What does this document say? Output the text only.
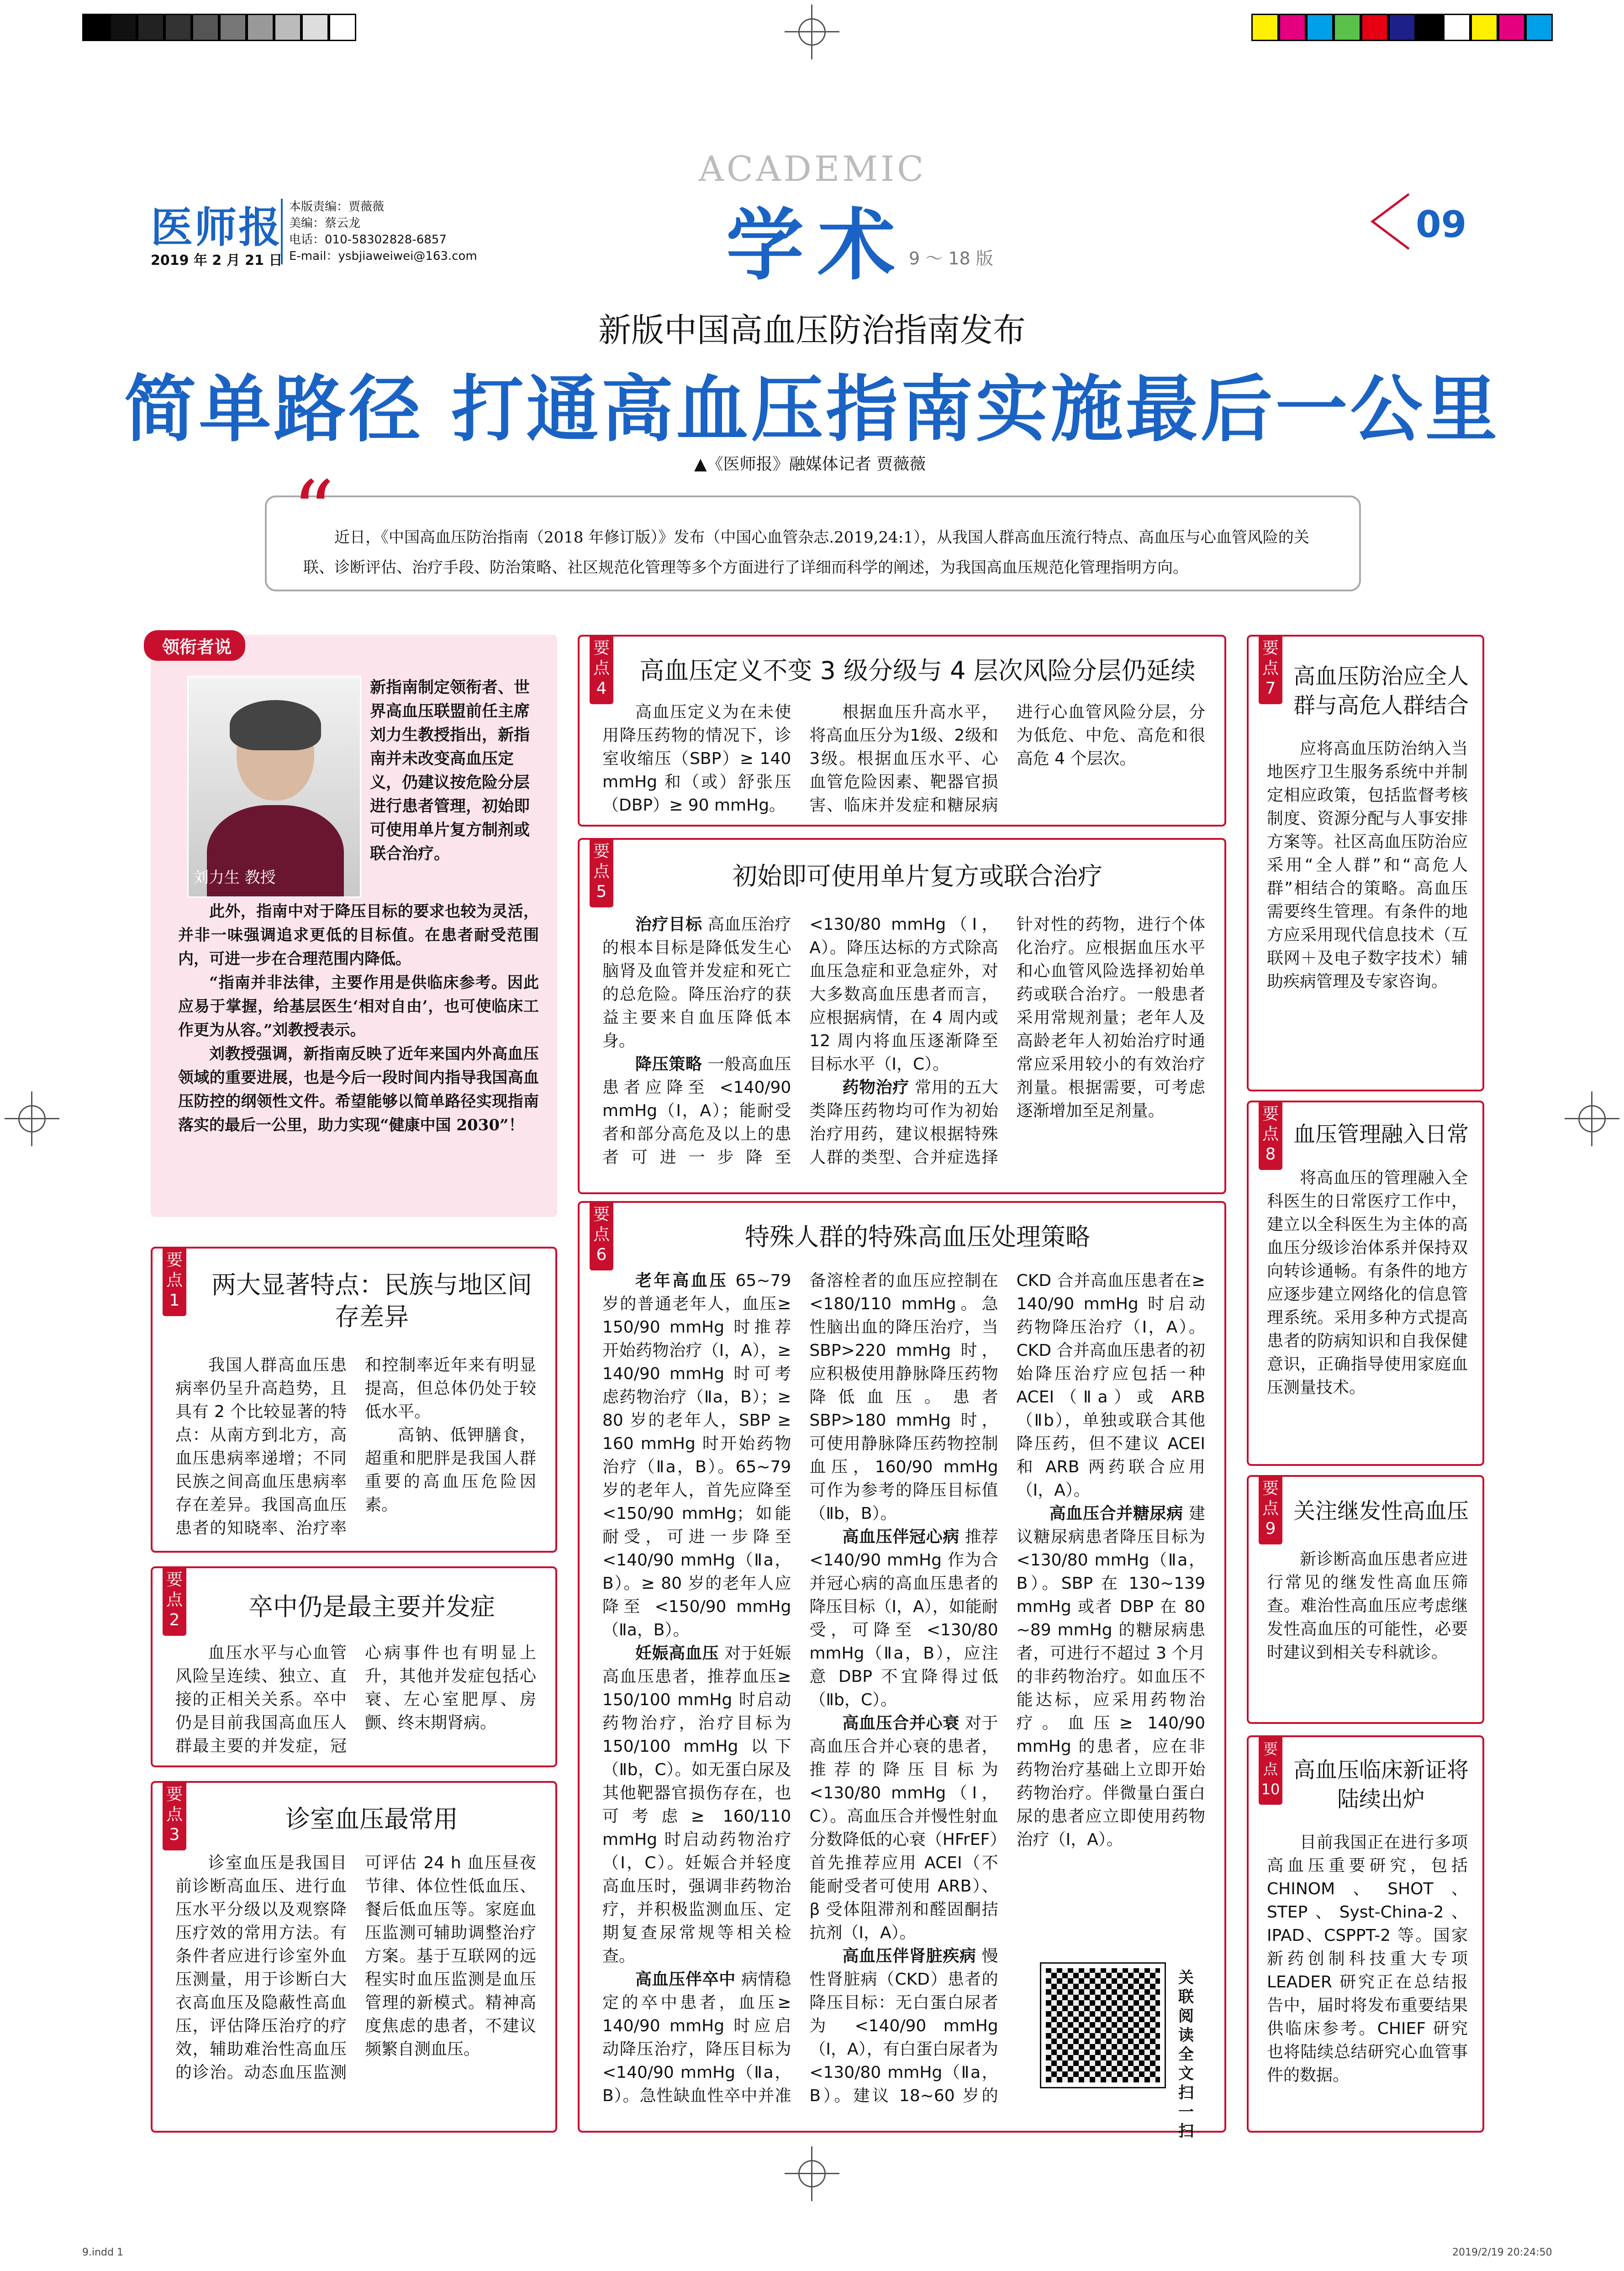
医师报
2019 年 2 月 21 日
本版责编：贾薇薇
美编：蔡云龙
电话：010-58302828-6857
E-mail：ysbjiaweiwei@163.com
ACADEMIC
学术 9 ～ 18 版
09
新版中国高血压防治指南发布
简单路径 打通高血压指南实施最后一公里
▲《医师报》融媒体记者 贾薇薇
近日，《中国高血压防治指南（2018 年修订版）》发布（中国心血管杂志.2019,24:1），从我国人群高血压流行特点、高血压与心血管风险的关联、诊断评估、治疗手段、防治策略、社区规范化管理等多个方面进行了详细而科学的阐述，为我国高血压规范化管理指明方向。
“
领衔者说
刘力生 教授
新指南制定领衔者、世界高血压联盟前任主席刘力生教授指出，新指南并未改变高血压定义，仍建议按危险分层进行患者管理，初始即可使用单片复方制剂或联合治疗。

此外，指南中对于降压目标的要求也较为灵活，并非一味强调追求更低的目标值。在患者耐受范围内，可进一步在合理范围内降低。

“指南并非法律，主要作用是供临床参考。因此应易于掌握，给基层医生‘相对自由’，也可使临床工作更为从容。”刘教授表示。

刘教授强调，新指南反映了近年来国内外高血压领域的重要进展，也是今后一段时间内指导我国高血压防控的纲领性文件。希望能够以简单路径实现指南落实的最后一公里，助力实现“健康中国 2030”！

要点1
两大显著特点：民族与地区间存差异

我国人群高血压患病率仍呈升高趋势，且具有 2 个比较显著的特点：从南方到北方，高血压患病率递增；不同民族之间高血压患病率存在差异。我国高血压患者的知晓率、治疗率和控制率近年来有明显提高，但总体仍处于较低水平。

高钠、低钾膳食，超重和肥胖是我国人群重要的高血压危险因素。

要点2	卒中仍是最主要并发症

血压水平与心血管风险呈连续、独立、直接的正相关关系。卒中仍是目前我国高血压人群最主要的并发症，冠心病事件也有明显上升，其他并发症包括心衰、左心室肥厚、房颤、终末期肾病。

要点3
诊室血压最常用

诊室血压是我国目前诊断高血压、进行血压水平分级以及观察降压疗效的常用方法。有条件者应进行诊室外血压测量，用于诊断白大衣高血压及隐蔽性高血压，评估降压治疗的疗效，辅助难治性高血压的诊治。动态血压监测可评估 24 h 血压昼夜节律、体位性低血压、餐后低血压等。家庭血压监测可辅助调整治疗方案。基于互联网的远程实时血压监测是血压管理的新模式。精神高度焦虑的患者，不建议频繁自测血压。

要点4
高血压定义不变 3 级分级与 4 层次风险分层仍延续

高血压定义为在未使用降压药物的情况下，诊室收缩压（SBP）≥ 140 mmHg 和（或）舒张压（DBP）≥ 90 mmHg。

根据血压升高水平，将高血压分为1级、2级和3级。根据血压水平、心血管危险因素、靶器官损害、临床并发症和糖尿病进行心血管风险分层，分为低危、中危、高危和很高危 4 个层次。

要点5
初始即可使用单片复方或联合治疗

治疗目标 高血压治疗的根本目标是降低发生心脑肾及血管并发症和死亡的总危险。降压治疗的获益主要来自血压降低本身。

降压策略 一般高血压患者应降至 <140/90 mmHg（Ⅰ，A）；能耐受者和部分高危及以上的患者可进一步降至 <130/80 mmHg（Ⅰ，A）。降压达标的方式除高血压急症和亚急症外，对大多数高血压患者而言，应根据病情，在 4 周内或 12 周内将血压逐渐降至目标水平（Ⅰ，C）。

药物治疗 常用的五大类降压药物均可作为初始治疗用药，建议根据特殊人群的类型、合并症选择针对性的药物，进行个体化治疗。应根据血压水平和心血管风险选择初始单药或联合治疗。一般患者采用常规剂量；老年人及高龄老年人初始治疗时通常应采用较小的有效治疗剂量。根据需要，可考虑逐渐增加至足剂量。

要点6
特殊人群的特殊高血压处理策略

老年高血压 65~79岁的普通老年人，血压≥ 150/90 mmHg 时推荐开始药物治疗（Ⅰ，A），≥ 140/90 mmHg 时可考虑药物治疗（Ⅱa，B）；≥ 80 岁的老年人，SBP ≥ 160 mmHg 时开始药物治疗（Ⅱa，B）。65~79 岁的老年人，首先应降至 <150/90 mmHg；如能耐受，可进一步降至 <140/90 mmHg（Ⅱa，B）。≥ 80 岁的老年人应降至 <150/90 mmHg（Ⅱa，B）。

妊娠高血压 对于妊娠高血压患者，推荐血压≥ 150/100 mmHg 时启动药物治疗，治疗目标为 150/100 mmHg 以下（Ⅱb，C）。如无蛋白尿及其他靶器官损伤存在，也可考虑≥ 160/110 mmHg 时启动药物治疗（Ⅰ，C）。妊娠合并轻度高血压时，强调非药物治疗，并积极监测血压、定期复查尿常规等相关检查。

高血压伴卒中 病情稳定的卒中患者，血压≥ 140/90 mmHg 时应启动降压治疗，降压目标为 <140/90 mmHg（Ⅱa，B）。急性缺血性卒中并准备溶栓者的血压应控制在 <180/110 mmHg。急性脑出血的降压治疗，当 SBP>220 mmHg 时，应积极使用静脉降压药物降低血压。患者 SBP>180 mmHg 时，可使用静脉降压药物控制血压，160/90 mmHg 可作为参考的降压目标值（Ⅱb，B）。

高血压伴冠心病 推荐 <140/90 mmHg 作为合并冠心病的高血压患者的降压目标（Ⅰ，A），如能耐受，可降至 <130/80 mmHg（Ⅱa，B），应注意 DBP 不宜降得过低（Ⅱb，C）。

高血压合并心衰 对于高血压合并心衰的患者，推荐的降压目标为 <130/80 mmHg（Ⅰ，C）。高血压合并慢性射血分数降低的心衰（HFrEF）首先推荐应用 ACEI（不能耐受者可使用 ARB）、β 受体阻滞剂和醛固酮拮抗剂（Ⅰ，A）。

高血压伴肾脏疾病 慢性肾脏病（CKD）患者的降压目标：无白蛋白尿者为 <140/90 mmHg（Ⅰ，A），有白蛋白尿者为 <130/80 mmHg（Ⅱa，B）。建议 18~60 岁的 CKD 合并高血压患者在≥ 140/90 mmHg 时启动药物降压治疗（Ⅰ，A）。CKD 合并高血压患者的初始降压治疗应包括一种 ACEI（Ⅱa）或 ARB（Ⅱb），单独或联合其他降压药，但不建议 ACEI 和 ARB 两药联合应用（Ⅰ，A）。

高血压合并糖尿病 建议糖尿病患者降压目标为 <130/80 mmHg（Ⅱa，B）。SBP 在 130~139 mmHg 或者 DBP 在 80 ~89 mmHg 的糖尿病患者，可进行不超过 3 个月的非药物治疗。如血压不能达标，应采用药物治疗。血压≥ 140/90 mmHg 的患者，应在非药物治疗基础上立即开始药物治疗。伴微量白蛋白尿的患者应立即使用药物治疗（Ⅰ，A）。

关联阅读全文 扫一扫
要点7 高血压防治应全人群与高危人群结合

应将高血压防治纳入当地医疗卫生服务系统中并制定相应政策，包括监督考核制度、资源分配与人事安排方案等。社区高血压防治应采用“全人群”和“高危人群”相结合的策略。高血压需要终生管理。有条件的地方应采用现代信息技术（互联网＋及电子数字技术）辅助疾病管理及专家咨询。

要点8
血压管理融入日常

将高血压的管理融入全科医生的日常医疗工作中，建立以全科医生为主体的高血压分级诊治体系并保持双向转诊通畅。有条件的地方应逐步建立网络化的信息管理系统。采用多种方式提高患者的防病知识和自我保健意识，正确指导使用家庭血压测量技术。

要点9
关注继发性高血压

新诊断高血压患者应进行常见的继发性高血压筛查。难治性高血压应考虑继发性高血压的可能性，必要时建议到相关专科就诊。

要点10
高血压临床新证将陆续出炉

目前我国正在进行多项高血压重要研究，包括 CHINOM、SHOT、STEP、Syst-China-2、IPAD、CSPPT-2 等。国家新药创制科技重大专项 LEADER 研究正在总结报告中，届时将发布重要结果供临床参考。CHIEF 研究也将陆续总结研究心血管事件的数据。

9.indd 1	2019/2/19 20:24:50
